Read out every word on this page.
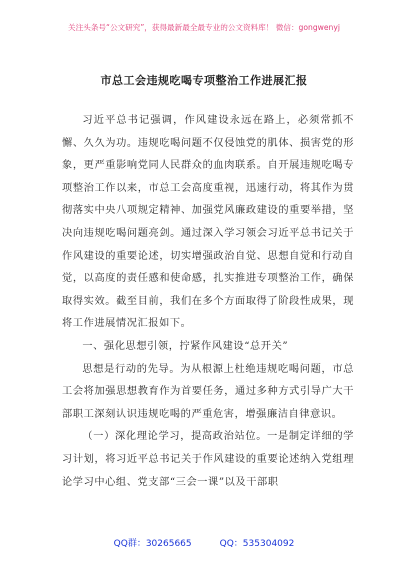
关注头条号“公文研究”，获得最新最全最专业的公文资料库！ 微信：gongwenyj
市总工会违规吃喝专项整治工作进展汇报

习近平总书记强调，作风建设永远在路上，必须常抓不懈、久久为功。违规吃喝问题不仅侵蚀党的肌体、损害党的形象，更严重影响党同人民群众的血肉联系。自开展违规吃喝专项整治工作以来，市总工会高度重视，迅速行动，将其作为贯彻落实中央八项规定精神、加强党风廉政建设的重要举措，坚决向违规吃喝问题亮剑。通过深入学习领会习近平总书记关于作风建设的重要论述，切实增强政治自觉、思想自觉和行动自觉，以高度的责任感和使命感，扎实推进专项整治工作，确保取得实效。截至目前，我们在多个方面取得了阶段性成果，现将工作进展情况汇报如下。

一、强化思想引领，拧紧作风建设“总开关”

思想是行动的先导。为从根源上杜绝违规吃喝问题，市总工会将加强思想教育作为首要任务，通过多种方式引导广大干部职工深刻认识违规吃喝的严重危害，增强廉洁自律意识。

（一）深化理论学习，提高政治站位。一是制定详细的学习计划，将习近平总书记关于作风建设的重要论述纳入党组理论学习中心组、党支部“三会一课”以及干部职

QQ群：30265665	QQ：535304092
